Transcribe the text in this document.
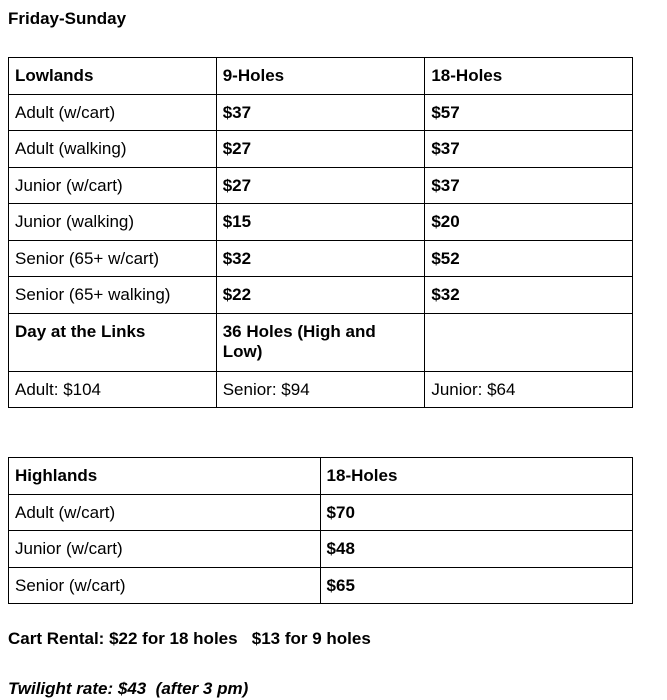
Friday-Sunday
Lowlands	9-Holes	18-Holes
Adult (w/cart)	$37	$57
Adult (walking)	$27	$37
Junior (w/cart)	$27	$37
Junior (walking)	$15	$20
Senior (65+ w/cart)	$32	$52
Senior (65+ walking)	$22	$32
Day at the Links	36 Holes (High and Low)	
Adult: $104	Senior: $94	Junior: $64
Highlands	18-Holes
Adult (w/cart)	$70
Junior (w/cart)	$48
Senior (w/cart)	$65
Cart Rental: $22 for 18 holes   $13 for 9 holes
Twilight rate: $43  (after 3 pm)
